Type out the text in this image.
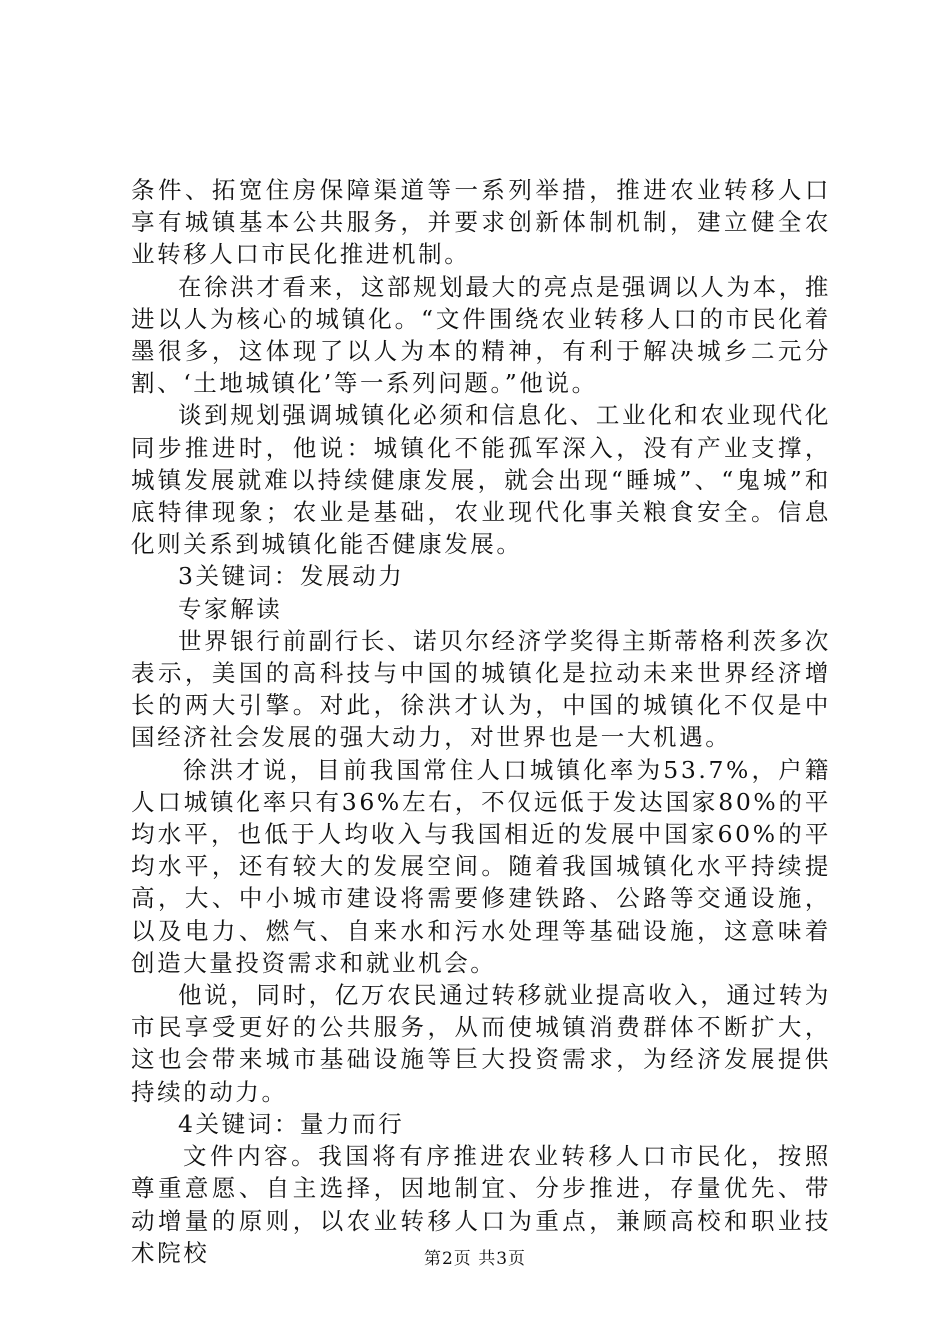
条件、拓宽住房保障渠道等一系列举措，推进农业转移人口享有城镇基本公共服务，并要求创新体制机制，建立健全农业转移人口市民化推进机制。

在徐洪才看来，这部规划最大的亮点是强调以人为本，推进以人为核心的城镇化。“文件围绕农业转移人口的市民化着墨很多，这体现了以人为本的精神，有利于解决城乡二元分割、‘土地城镇化’等一系列问题。”他说。

谈到规划强调城镇化必须和信息化、工业化和农业现代化同步推进时，他说：城镇化不能孤军深入，没有产业支撑，城镇发展就难以持续健康发展，就会出现“睡城”、“鬼城”和底特律现象；农业是基础，农业现代化事关粮食安全。信息化则关系到城镇化能否健康发展。

3关键词：发展动力

专家解读

世界银行前副行长、诺贝尔经济学奖得主斯蒂格利茨多次表示，美国的高科技与中国的城镇化是拉动未来世界经济增长的两大引擎。对此，徐洪才认为，中国的城镇化不仅是中国经济社会发展的强大动力，对世界也是一大机遇。

徐洪才说，目前我国常住人口城镇化率为53.7%，户籍人口城镇化率只有36%左右，不仅远低于发达国家80%的平均水平，也低于人均收入与我国相近的发展中国家60%的平均水平，还有较大的发展空间。随着我国城镇化水平持续提高，大、中小城市建设将需要修建铁路、公路等交通设施，以及电力、燃气、自来水和污水处理等基础设施，这意味着创造大量投资需求和就业机会。

他说，同时，亿万农民通过转移就业提高收入，通过转为市民享受更好的公共服务，从而使城镇消费群体不断扩大，这也会带来城市基础设施等巨大投资需求，为经济发展提供持续的动力。

4关键词：量力而行

文件内容。我国将有序推进农业转移人口市民化，按照尊重意愿、自主选择，因地制宜、分步推进，存量优先、带动增量的原则，以农业转移人口为重点，兼顾高校和职业技术院校	第2页 共3页
